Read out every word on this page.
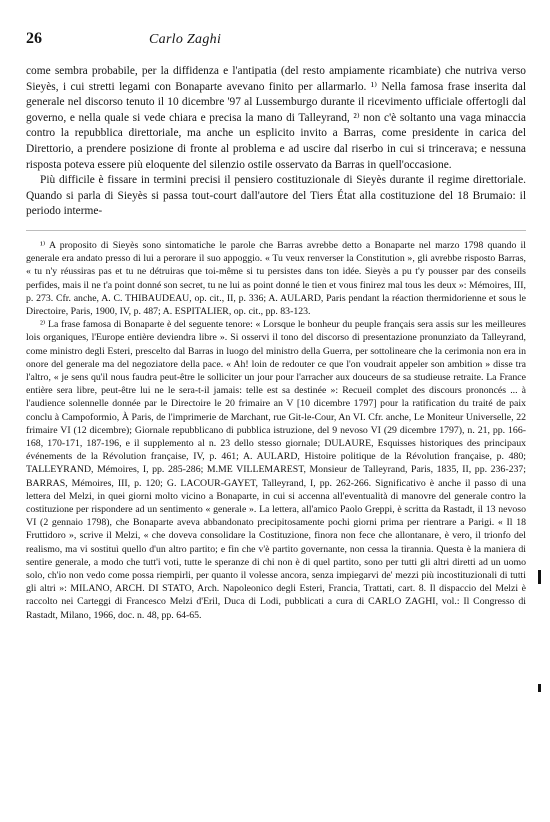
26	Carlo Zaghi

come sembra probabile, per la diffidenza e l'antipatia (del resto ampiamente ricambiate) che nutriva verso Sieyès, i cui stretti legami con Bonaparte avevano finito per allarmarlo. ¹⁾ Nella famosa frase inserita dal generale nel discorso tenuto il 10 dicembre '97 al Lussemburgo durante il ricevimento ufficiale offertogli dal governo, e nella quale si vede chiara e precisa la mano di Talleyrand, ²⁾ non c'è soltanto una vaga minaccia contro la repubblica direttoriale, ma anche un esplicito invito a Barras, come presidente in carica del Direttorio, a prendere posizione di fronte al problema e ad uscire dal riserbo in cui si trincerava; e nessuna risposta poteva essere più eloquente del silenzio ostile osservato da Barras in quell'occasione.

Più difficile è fissare in termini precisi il pensiero costituzionale di Sieyès durante il regime direttoriale. Quando si parla di Sieyès si passa tout-court dall'autore del Tiers État alla costituzione del 18 Brumaio: il periodo interme-

¹⁾ A proposito di Sieyès sono sintomatiche le parole che Barras avrebbe detto a Bonaparte nel marzo 1798 quando il generale era andato presso di lui a perorare il suo appoggio. « Tu veux renverser la Constitution », gli avrebbe risposto Barras, « tu n'y réussiras pas et tu ne détruiras que toi-même si tu persistes dans ton idée. Sieyès a pu t'y pousser par des conseils perfides, mais il ne t'a point donné son secret, tu ne lui as point donné le tien et vous finirez mal tous les deux »: Mémoires, III, p. 273. Cfr. anche, A. C. THIBAUDEAU, op. cit., II, p. 336; A. AULARD, Paris pendant la réaction thermidorienne et sous le Directoire, Paris, 1900, IV, p. 487; A. ESPITALIER, op. cit., pp. 83-123.

²⁾ La frase famosa di Bonaparte è del seguente tenore: « Lorsque le bonheur du peuple français sera assis sur les meilleures lois organiques, l'Europe entière deviendra libre ». Si osservi il tono del discorso di presentazione pronunziato da Talleyrand, come ministro degli Esteri, prescelto dal Barras in luogo del ministro della Guerra, per sottolineare che la cerimonia non era in onore del generale ma del negoziatore della pace. « Ah! loin de redouter ce que l'on voudrait appeler son ambition » disse tra l'altro, « je sens qu'il nous faudra peut-être le solliciter un jour pour l'arracher aux douceurs de sa studieuse retraite. La France entière sera libre, peut-être lui ne le sera-t-il jamais: telle est sa destinée »: Recueil complet des discours prononcés ... à l'audience solennelle donnée par le Directoire le 20 frimaire an V [10 dicembre 1797] pour la ratification du traité de paix conclu à Campoformio, À Paris, de l'imprimerie de Marchant, rue Git-le-Cour, An VI. Cfr. anche, Le Moniteur Universelle, 22 frimaire VI (12 dicembre); Giornale repubblicano di pubblica istruzione, del 9 nevoso VI (29 dicembre 1797), n. 21, pp. 166-168, 170-171, 187-196, e il supplemento al n. 23 dello stesso giornale; DULAURE, Esquisses historiques des principaux événements de la Révolution française, IV, p. 461; A. AULARD, Histoire politique de la Révolution française, p. 480; TALLEYRAND, Mémoires, I, pp. 285-286; M.ME VILLEMAREST, Monsieur de Talleyrand, Paris, 1835, II, pp. 236-237; BARRAS, Mémoires, III, p. 120; G. LACOUR-GAYET, Talleyrand, I, pp. 262-266. Significativo è anche il passo di una lettera del Melzi, in quei giorni molto vicino a Bonaparte, in cui si accenna all'eventualità di manovre del generale contro la costituzione per rispondere ad un sentimento « generale ». La lettera, all'amico Paolo Greppi, è scritta da Rastadt, il 13 nevoso VI (2 gennaio 1798), che Bonaparte aveva abbandonato precipitosamente pochi giorni prima per rientrare a Parigi. « Il 18 Fruttidoro », scrive il Melzi, « che doveva consolidare la Costituzione, finora non fece che allontanare, è vero, il trionfo del realismo, ma vi sostituì quello d'un altro partito; e fin che v'è partito governante, non cessa la tirannia. Questa è la maniera di sentire generale, a modo che tutt'i voti, tutte le speranze di chi non è di quel partito, sono per tutti gli altri diretti ad un uomo solo, ch'io non vedo come possa riempirli, per quanto il volesse ancora, senza impiegarvi de' mezzi più incostituzionali di tutti gli altri »: MILANO, ARCH. DI STATO, Arch. Napoleonico degli Esteri, Francia, Trattati, cart. 8. Il dispaccio del Melzi è raccolto nei Carteggi di Francesco Melzi d'Eril, Duca di Lodi, pubblicati a cura di CARLO ZAGHI, vol.: Il Congresso di Rastadt, Milano, 1966, doc. n. 48, pp. 64-65.
